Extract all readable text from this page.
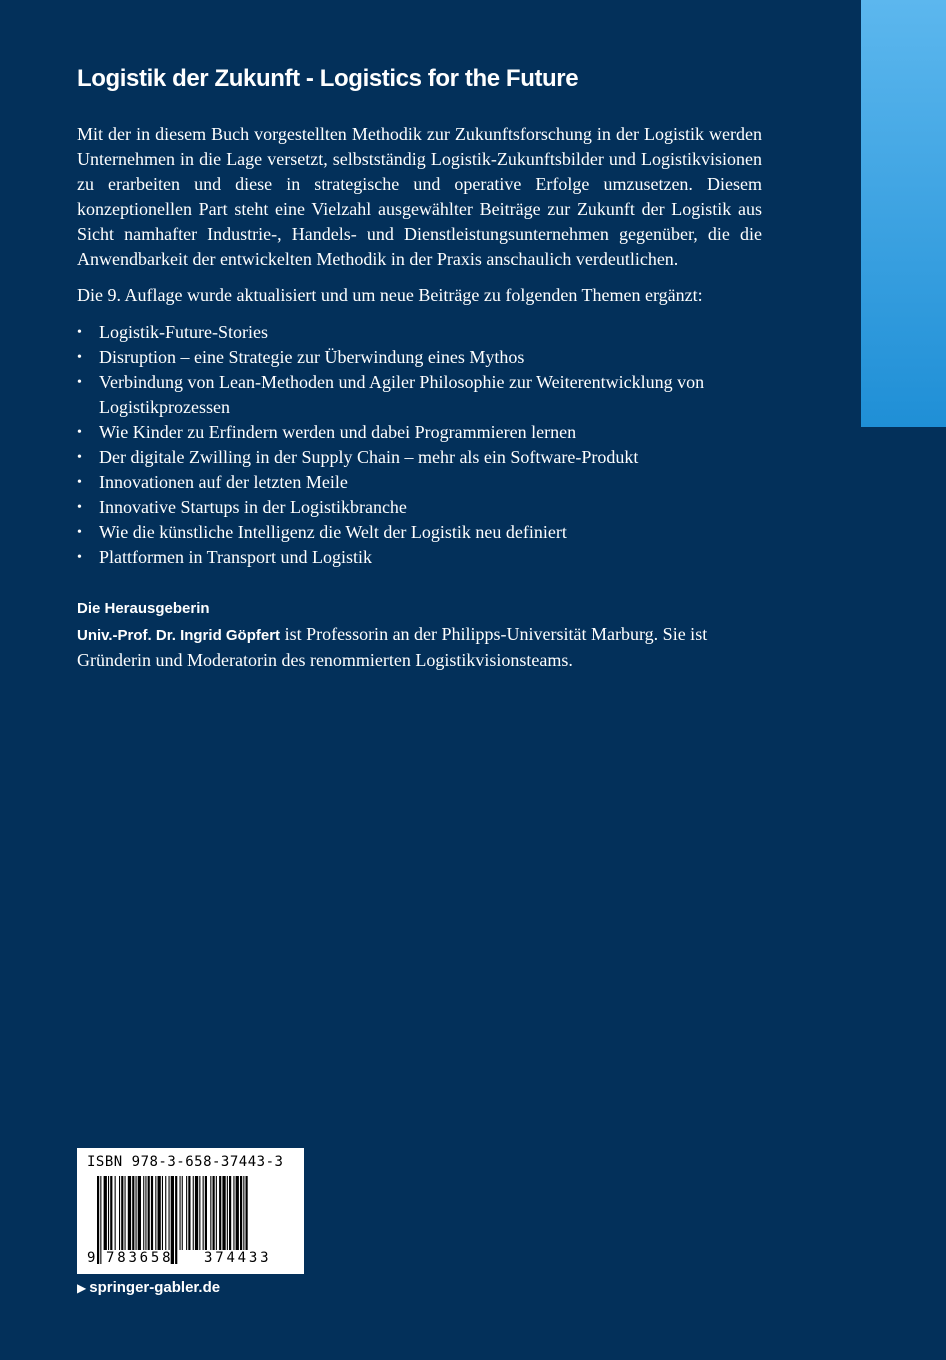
Logistik der Zukunft - Logistics for the Future

Mit der in diesem Buch vorgestellten Methodik zur Zukunftsforschung in der Logistik werden Unternehmen in die Lage versetzt, selbstständig Logistik-Zukunftsbilder und Logistikvisionen zu erarbeiten und diese in strategische und operative Erfolge umzusetzen. Diesem konzeptionellen Part steht eine Vielzahl ausgewählter Beiträge zur Zukunft der Logistik aus Sicht namhafter Industrie-, Handels- und Dienstleistungsunternehmen gegenüber, die die Anwendbarkeit der entwickelten Methodik in der Praxis anschaulich verdeutlichen.

Die 9. Auflage wurde aktualisiert und um neue Beiträge zu folgenden Themen ergänzt:

• Logistik-Future-Stories
• Disruption – eine Strategie zur Überwindung eines Mythos
• Verbindung von Lean-Methoden und Agiler Philosophie zur Weiterentwicklung von Logistikprozessen
• Wie Kinder zu Erfindern werden und dabei Programmieren lernen
• Der digitale Zwilling in der Supply Chain – mehr als ein Software-Produkt
• Innovationen auf der letzten Meile
• Innovative Startups in der Logistikbranche
• Wie die künstliche Intelligenz die Welt der Logistik neu definiert
• Plattformen in Transport und Logistik
Die Herausgeberin

Univ.-Prof. Dr. Ingrid Göpfert ist Professorin an der Philipps-Universität Marburg. Sie ist Gründerin und Moderatorin des renommierten Logistikvisionsteams.

ISBN 978-3-658-37443-3
9 783658 374433
▶ springer-gabler.de
